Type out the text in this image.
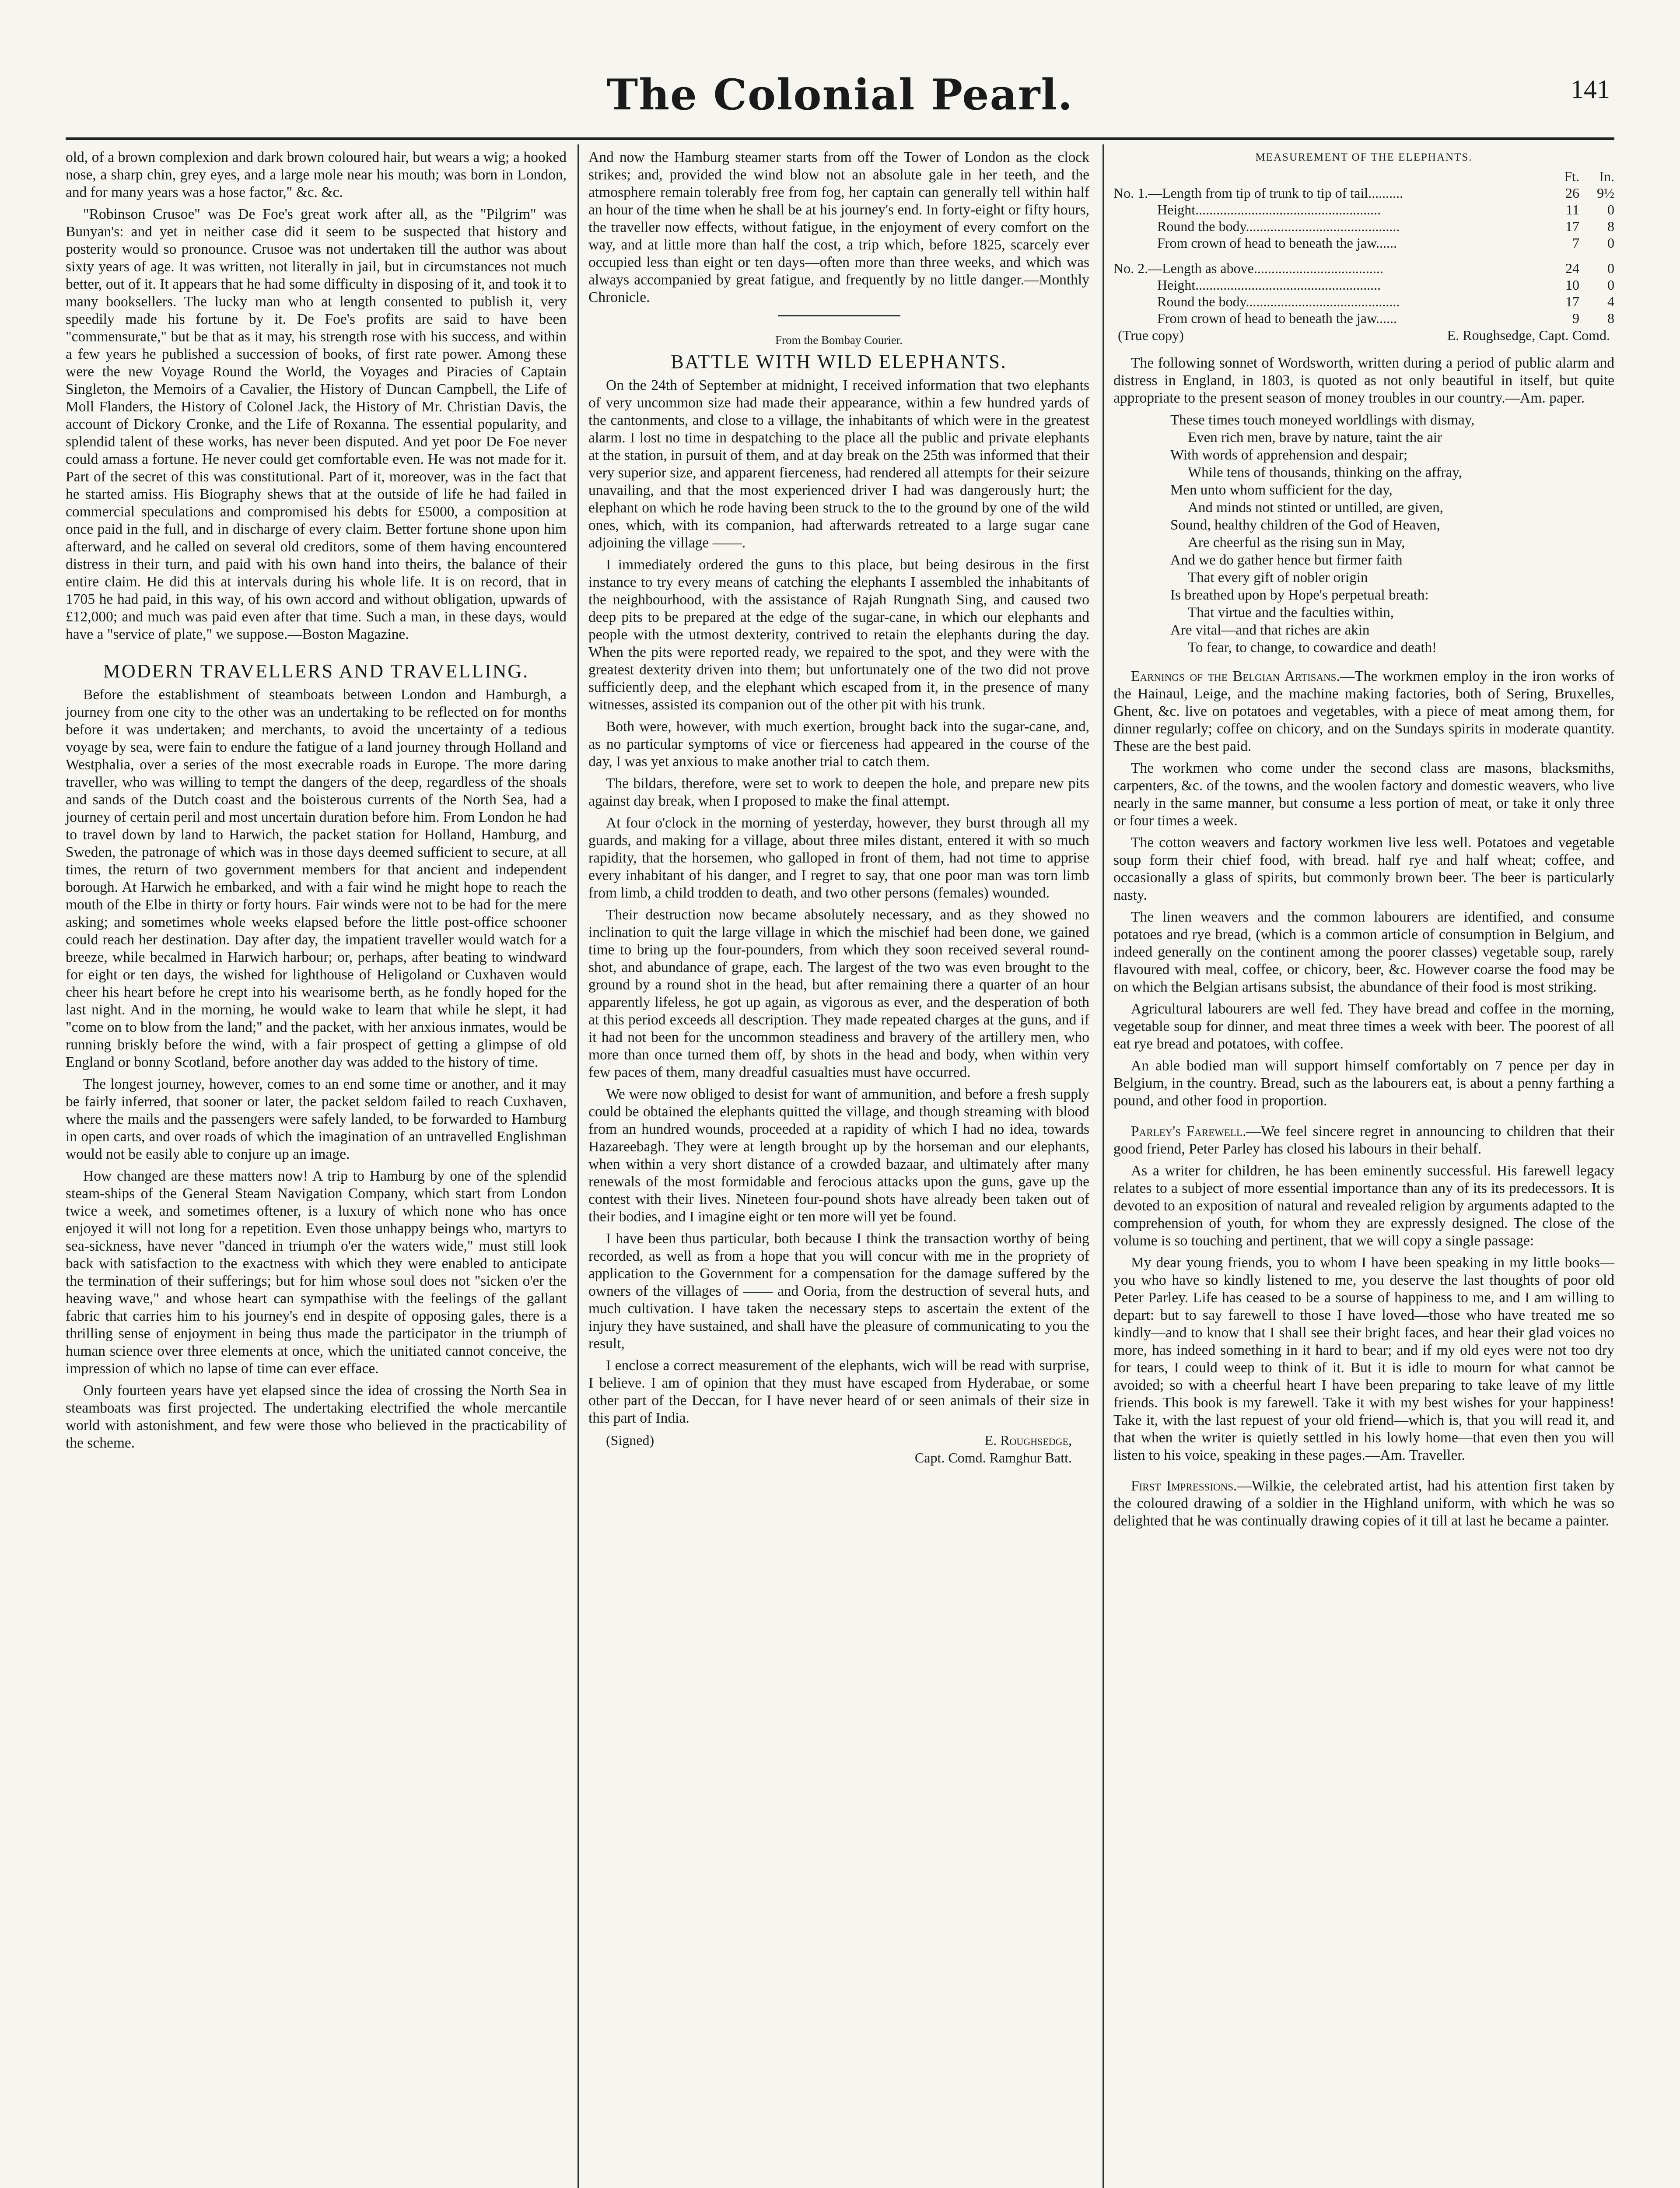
The Colonial Pearl.	141

old, of a brown complexion and dark brown coloured hair, but wears a wig; a hooked nose, a sharp chin, grey eyes, and a large mole near his mouth; was born in London, and for many years was a hose factor," &c. &c.

"Robinson Crusoe" was De Foe's great work after all, as the "Pilgrim" was Bunyan's: and yet in neither case did it seem to be suspected that history and posterity would so pronounce. Crusoe was not undertaken till the author was about sixty years of age. It was written, not literally in jail, but in circumstances not much better, out of it. It appears that he had some difficulty in disposing of it, and took it to many booksellers. The lucky man who at length consented to publish it, very speedily made his fortune by it. De Foe's profits are said to have been "commensurate," but be that as it may, his strength rose with his success, and within a few years he published a succession of books, of first rate power. Among these were the new Voyage Round the World, the Voyages and Piracies of Captain Singleton, the Memoirs of a Cavalier, the History of Duncan Campbell, the Life of Moll Flanders, the History of Colonel Jack, the History of Mr. Christian Davis, the account of Dickory Cronke, and the Life of Roxanna. The essential popularity, and splendid talent of these works, has never been disputed. And yet poor De Foe never could amass a fortune. He never could get comfortable even. He was not made for it. Part of the secret of this was constitutional. Part of it, moreover, was in the fact that he started amiss. His Biography shews that at the outside of life he had failed in commercial speculations and compromised his debts for £5000, a composition at once paid in the full, and in discharge of every claim. Better fortune shone upon him afterward, and he called on several old creditors, some of them having encountered distress in their turn, and paid with his own hand into theirs, the balance of their entire claim. He did this at intervals during his whole life. It is on record, that in 1705 he had paid, in this way, of his own accord and without obligation, upwards of £12,000; and much was paid even after that time. Such a man, in these days, would have a "service of plate," we suppose.—Boston Magazine.

MODERN TRAVELLERS AND TRAVELLING.

Before the establishment of steamboats between London and Hamburgh, a journey from one city to the other was an undertaking to be reflected on for months before it was undertaken; and merchants, to avoid the uncertainty of a tedious voyage by sea, were fain to endure the fatigue of a land journey through Holland and Westphalia, over a series of the most execrable roads in Europe. The more daring traveller, who was willing to tempt the dangers of the deep, regardless of the shoals and sands of the Dutch coast and the boisterous currents of the North Sea, had a journey of certain peril and most uncertain duration before him. From London he had to travel down by land to Harwich, the packet station for Holland, Hamburg, and Sweden, the patronage of which was in those days deemed sufficient to secure, at all times, the return of two government members for that ancient and independent borough. At Harwich he embarked, and with a fair wind he might hope to reach the mouth of the Elbe in thirty or forty hours. Fair winds were not to be had for the mere asking; and sometimes whole weeks elapsed before the little post-office schooner could reach her destination. Day after day, the impatient traveller would watch for a breeze, while becalmed in Harwich harbour; or, perhaps, after beating to windward for eight or ten days, the wished for lighthouse of Heligoland or Cuxhaven would cheer his heart before he crept into his wearisome berth, as he fondly hoped for the last night. And in the morning, he would wake to learn that while he slept, it had "come on to blow from the land;" and the packet, with her anxious inmates, would be running briskly before the wind, with a fair prospect of getting a glimpse of old England or bonny Scotland, before another day was added to the history of time.

The longest journey, however, comes to an end some time or another, and it may be fairly inferred, that sooner or later, the packet seldom failed to reach Cuxhaven, where the mails and the passengers were safely landed, to be forwarded to Hamburg in open carts, and over roads of which the imagination of an untravelled Englishman would not be easily able to conjure up an image.

How changed are these matters now! A trip to Hamburg by one of the splendid steam-ships of the General Steam Navigation Company, which start from London twice a week, and sometimes oftener, is a luxury of which none who has once enjoyed it will not long for a repetition. Even those unhappy beings who, martyrs to sea-sickness, have never "danced in triumph o'er the waters wide," must still look back with satisfaction to the exactness with which they were enabled to anticipate the termination of their sufferings; but for him whose soul does not "sicken o'er the heaving wave," and whose heart can sympathise with the feelings of the gallant fabric that carries him to his journey's end in despite of opposing gales, there is a thrilling sense of enjoyment in being thus made the participator in the triumph of human science over three elements at once, which the unitiated cannot conceive, the impression of which no lapse of time can ever efface.

Only fourteen years have yet elapsed since the idea of crossing the North Sea in steamboats was first projected. The undertaking electrified the whole mercantile world with astonishment, and few were those who believed in the practicability of the scheme.

And now the Hamburg steamer starts from off the Tower of London as the clock strikes; and, provided the wind blow not an absolute gale in her teeth, and the atmosphere remain tolerably free from fog, her captain can generally tell within half an hour of the time when he shall be at his journey's end. In forty-eight or fifty hours, the traveller now effects, without fatigue, in the enjoyment of every comfort on the way, and at little more than half the cost, a trip which, before 1825, scarcely ever occupied less than eight or ten days—often more than three weeks, and which was always accompanied by great fatigue, and frequently by no little danger.—Monthly Chronicle.

From the Bombay Courier.
BATTLE WITH WILD ELEPHANTS.

On the 24th of September at midnight, I received information that two elephants of very uncommon size had made their appearance, within a few hundred yards of the cantonments, and close to a village, the inhabitants of which were in the greatest alarm. I lost no time in despatching to the place all the public and private elephants at the station, in pursuit of them, and at day break on the 25th was informed that their very superior size, and apparent fierceness, had rendered all attempts for their seizure unavailing, and that the most experienced driver I had was dangerously hurt; the elephant on which he rode having been struck to the to the ground by one of the wild ones, which, with its companion, had afterwards retreated to a large sugar cane adjoining the village ——.

I immediately ordered the guns to this place, but being desirous in the first instance to try every means of catching the elephants I assembled the inhabitants of the neighbourhood, with the assistance of Rajah Rungnath Sing, and caused two deep pits to be prepared at the edge of the sugar-cane, in which our elephants and people with the utmost dexterity, contrived to retain the elephants during the day. When the pits were reported ready, we repaired to the spot, and they were with the greatest dexterity driven into them; but unfortunately one of the two did not prove sufficiently deep, and the elephant which escaped from it, in the presence of many witnesses, assisted its companion out of the other pit with his trunk.

Both were, however, with much exertion, brought back into the sugar-cane, and, as no particular symptoms of vice or fierceness had appeared in the course of the day, I was yet anxious to make another trial to catch them.

The bildars, therefore, were set to work to deepen the hole, and prepare new pits against day break, when I proposed to make the final attempt.

At four o'clock in the morning of yesterday, however, they burst through all my guards, and making for a village, about three miles distant, entered it with so much rapidity, that the horsemen, who galloped in front of them, had not time to apprise every inhabitant of his danger, and I regret to say, that one poor man was torn limb from limb, a child trodden to death, and two other persons (females) wounded.

Their destruction now became absolutely necessary, and as they showed no inclination to quit the large village in which the mischief had been done, we gained time to bring up the four-pounders, from which they soon received several round-shot, and abundance of grape, each. The largest of the two was even brought to the ground by a round shot in the head, but after remaining there a quarter of an hour apparently lifeless, he got up again, as vigorous as ever, and the desperation of both at this period exceeds all description. They made repeated charges at the guns, and if it had not been for the uncommon steadiness and bravery of the artillery men, who more than once turned them off, by shots in the head and body, when within very few paces of them, many dreadful casualties must have occurred.

We were now obliged to desist for want of ammunition, and before a fresh supply could be obtained the elephants quitted the village, and though streaming with blood from an hundred wounds, proceeded at a rapidity of which I had no idea, towards Hazareebagh. They were at length brought up by the horseman and our elephants, when within a very short distance of a crowded bazaar, and ultimately after many renewals of the most formidable and ferocious attacks upon the guns, gave up the contest with their lives. Nineteen four-pound shots have already been taken out of their bodies, and I imagine eight or ten more will yet be found.

I have been thus particular, both because I think the transaction worthy of being recorded, as well as from a hope that you will concur with me in the propriety of application to the Government for a compensation for the damage suffered by the owners of the villages of —— and Ooria, from the destruction of several huts, and much cultivation. I have taken the necessary steps to ascertain the extent of the injury they have sustained, and shall have the pleasure of communicating to you the result,

I enclose a correct measurement of the elephants, wich will be read with surprise, I believe. I am of opinion that they must have escaped from Hyderabae, or some other part of the Deccan, for I have never heard of or seen animals of their size in this part of India.

(Signed)	E. Roughsedge,
Capt. Comd. Ramghur Batt.
MEASUREMENT OF THE ELEPHANTS.
Ft.	In.
No. 1.—Length from tip of trunk to tip of tail..........	26	9½
Height.....................................................	11	0
Round the body............................................	17	8
From crown of head to beneath the jaw......	7	0
No. 2.—Length as above.....................................	24	0
Height.....................................................	10	0
Round the body............................................	17	4
From crown of head to beneath the jaw......	9	8
(True copy)	E. Roughsedge, Capt. Comd.

The following sonnet of Wordsworth, written during a period of public alarm and distress in England, in 1803, is quoted as not only beautiful in itself, but quite appropriate to the present season of money troubles in our country.—Am. paper.

These times touch moneyed worldlings with dismay,
Even rich men, brave by nature, taint the air
With words of apprehension and despair;
While tens of thousands, thinking on the affray,
Men unto whom sufficient for the day,
And minds not stinted or untilled, are given,
Sound, healthy children of the God of Heaven,
Are cheerful as the rising sun in May,
And we do gather hence but firmer faith
That every gift of nobler origin
Is breathed upon by Hope's perpetual breath:
That virtue and the faculties within,
Are vital—and that riches are akin
To fear, to change, to cowardice and death!

Earnings of the Belgian Artisans.—The workmen employ in the iron works of the Hainaul, Leige, and the machine making factories, both of Sering, Bruxelles, Ghent, &c. live on potatoes and vegetables, with a piece of meat among them, for dinner regularly; coffee on chicory, and on the Sundays spirits in moderate quantity. These are the best paid.

The workmen who come under the second class are masons, blacksmiths, carpenters, &c. of the towns, and the woolen factory and domestic weavers, who live nearly in the same manner, but consume a less portion of meat, or take it only three or four times a week.

The cotton weavers and factory workmen live less well. Potatoes and vegetable soup form their chief food, with bread. half rye and half wheat; coffee, and occasionally a glass of spirits, but commonly brown beer. The beer is particularly nasty.

The linen weavers and the common labourers are identified, and consume potatoes and rye bread, (which is a common article of consumption in Belgium, and indeed generally on the continent among the poorer classes) vegetable soup, rarely flavoured with meal, coffee, or chicory, beer, &c. However coarse the food may be on which the Belgian artisans subsist, the abundance of their food is most striking.

Agricultural labourers are well fed. They have bread and coffee in the morning, vegetable soup for dinner, and meat three times a week with beer. The poorest of all eat rye bread and potatoes, with coffee.

An able bodied man will support himself comfortably on 7 pence per day in Belgium, in the country. Bread, such as the labourers eat, is about a penny farthing a pound, and other food in proportion.

Parley's Farewell.—We feel sincere regret in announcing to children that their good friend, Peter Parley has closed his labours in their behalf.

As a writer for children, he has been eminently successful. His farewell legacy relates to a subject of more essential importance than any of its its predecessors. It is devoted to an exposition of natural and revealed religion by arguments adapted to the comprehension of youth, for whom they are expressly designed. The close of the volume is so touching and pertinent, that we will copy a single passage:

My dear young friends, you to whom I have been speaking in my little books—you who have so kindly listened to me, you deserve the last thoughts of poor old Peter Parley. Life has ceased to be a sourse of happiness to me, and I am willing to depart: but to say farewell to those I have loved—those who have treated me so kindly—and to know that I shall see their bright faces, and hear their glad voices no more, has indeed something in it hard to bear; and if my old eyes were not too dry for tears, I could weep to think of it. But it is idle to mourn for what cannot be avoided; so with a cheerful heart I have been preparing to take leave of my little friends. This book is my farewell. Take it with my best wishes for your happiness! Take it, with the last repuest of your old friend—which is, that you will read it, and that when the writer is quietly settled in his lowly home—that even then you will listen to his voice, speaking in these pages.—Am. Traveller.

First Impressions.—Wilkie, the celebrated artist, had his attention first taken by the coloured drawing of a soldier in the Highland uniform, with which he was so delighted that he was continually drawing copies of it till at last he became a painter.
